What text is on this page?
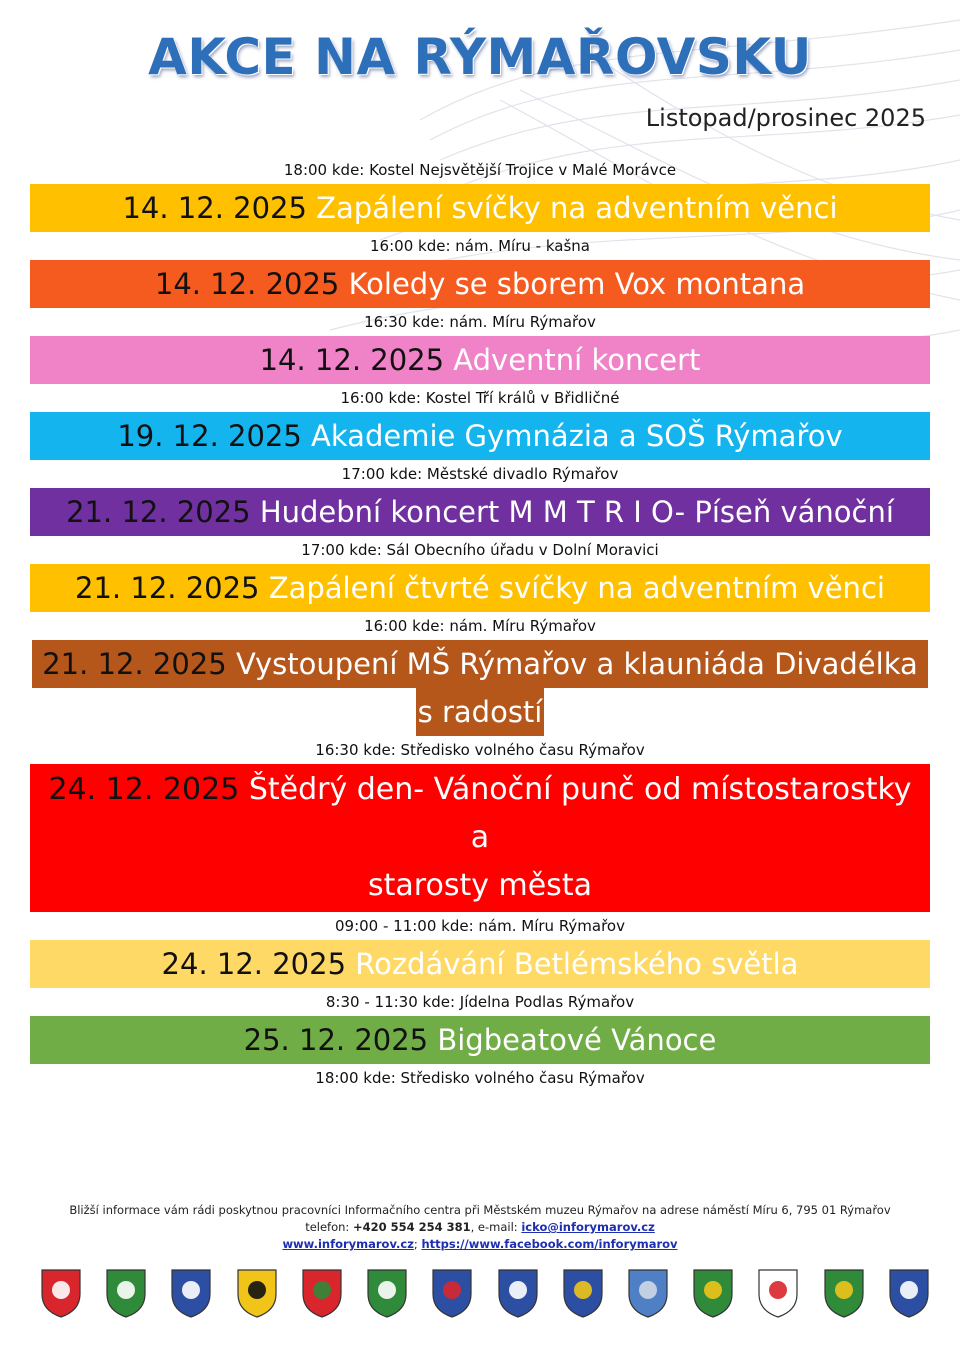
AKCE NA RÝMAŘOVSKU
Listopad/prosinec 2025
18:00 kde: Kostel Nejsvětější Trojice v Malé Morávce
14. 12. 2025 Zapálení svíčky na adventním věnci
16:00 kde: nám. Míru - kašna
14. 12. 2025 Koledy se sborem Vox montana
16:30 kde: nám. Míru Rýmařov
14. 12. 2025 Adventní koncert
16:00 kde: Kostel Tří králů v Břidličné
19. 12. 2025 Akademie Gymnázia a SOŠ Rýmařov
17:00 kde: Městské divadlo Rýmařov
21. 12. 2025 Hudební koncert M M T R I O- Píseň vánoční
17:00 kde: Sál Obecního úřadu v Dolní Moravici
21. 12. 2025 Zapálení čtvrté svíčky na adventním věnci
16:00 kde: nám. Míru Rýmařov
21. 12. 2025 Vystoupení MŠ Rýmařov a klauniáda Divadélka
s radostí
16:30 kde: Středisko volného času Rýmařov
24. 12. 2025 Štědrý den- Vánoční punč od místostarostky a
starosty města
09:00 - 11:00 kde: nám. Míru Rýmařov
24. 12. 2025 Rozdávání Betlémského světla
8:30 - 11:30 kde: Jídelna Podlas Rýmařov
25. 12. 2025 Bigbeatové Vánoce
18:00 kde: Středisko volného času Rýmařov
Bližší informace vám rádi poskytnou pracovníci Informačního centra při Městském muzeu Rýmařov na adrese náměstí Míru 6, 795 01 Rýmařov
telefon: +420 554 254 381, e-mail: icko@inforymarov.cz
www.inforymarov.cz; https://www.facebook.com/inforymarov
